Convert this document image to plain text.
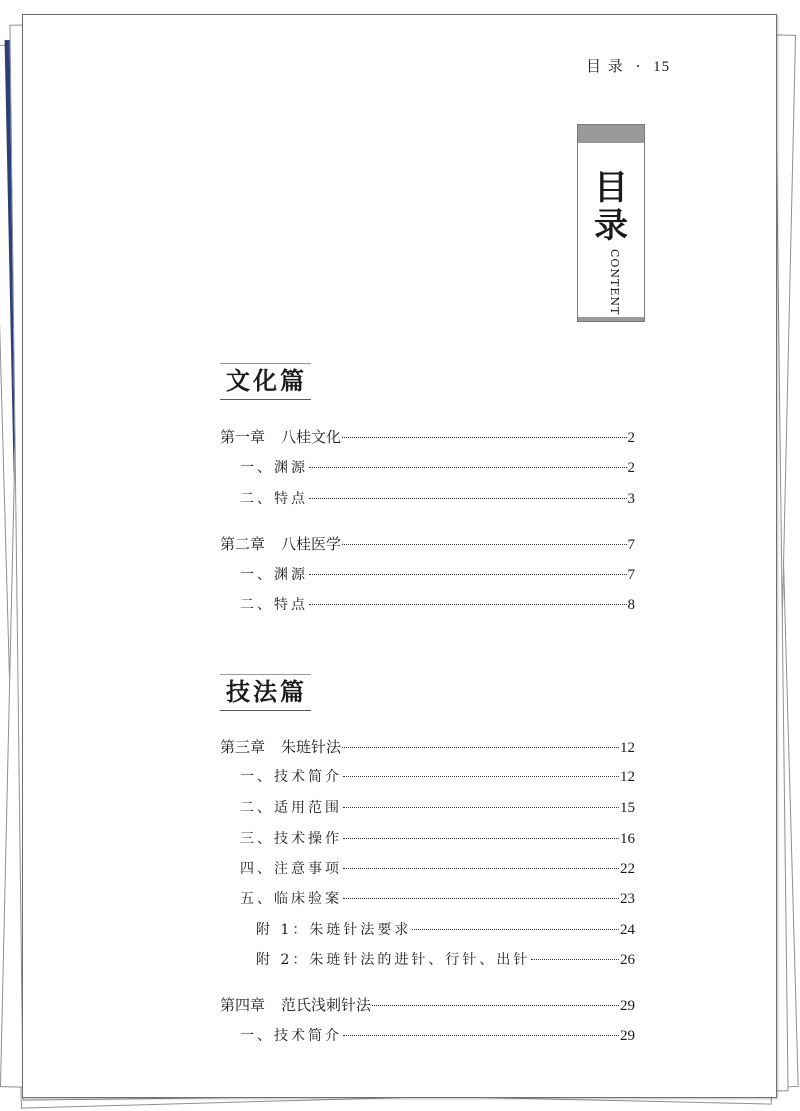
目 录 · 15
目
录
CONTENT
文化篇
第一章 八桂文化	2
一、渊源	2
二、特点	3
第二章 八桂医学	7
一、渊源	7
二、特点	8
技法篇
第三章 朱琏针法	12
一、技术简介	12
二、适用范围	15
三、技术操作	16
四、注意事项	22
五、临床验案	23
附 1：朱琏针法要求	24
附 2：朱琏针法的进针、行针、出针	26
第四章 范氏浅刺针法	29
一、技术简介	29
